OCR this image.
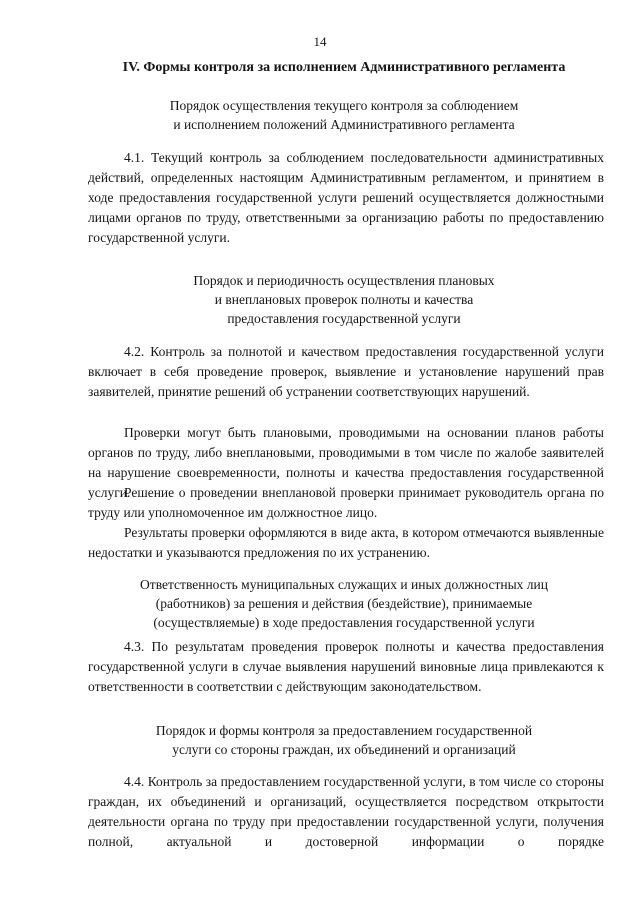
14
IV. Формы контроля за исполнением Административного регламента
Порядок осуществления текущего контроля за соблюдением
и исполнением положений Административного регламента
4.1. Текущий контроль за соблюдением последовательности административных действий, определенных настоящим Административным регламентом, и принятием в ходе предоставления государственной услуги решений осуществляется должностными лицами органов по труду, ответственными за организацию работы по предоставлению государственной услуги.
Порядок и периодичность осуществления плановых
и внеплановых проверок полноты и качества
предоставления государственной услуги
4.2. Контроль за полнотой и качеством предоставления государственной услуги включает в себя проведение проверок, выявление и установление нарушений прав заявителей, принятие решений об устранении соответствующих нарушений.
Проверки могут быть плановыми, проводимыми на основании планов работы органов по труду, либо внеплановыми, проводимыми в том числе по жалобе заявителей на нарушение своевременности, полноты и качества предоставления государственной услуги.
Решение о проведении внеплановой проверки принимает руководитель органа по труду или уполномоченное им должностное лицо.
Результаты проверки оформляются в виде акта, в котором отмечаются выявленные недостатки и указываются предложения по их устранению.
Ответственность муниципальных служащих и иных должностных лиц
(работников) за решения и действия (бездействие), принимаемые
(осуществляемые) в ходе предоставления государственной услуги
4.3. По результатам проведения проверок полноты и качества предоставления государственной услуги в случае выявления нарушений виновные лица привлекаются к ответственности в соответствии с действующим законодательством.
Порядок и формы контроля за предоставлением государственной
услуги со стороны граждан, их объединений и организаций
4.4. Контроль за предоставлением государственной услуги, в том числе со стороны граждан, их объединений и организаций, осуществляется посредством открытости деятельности органа по труду при предоставлении государственной услуги, получения полной, актуальной и достоверной информации о порядке
